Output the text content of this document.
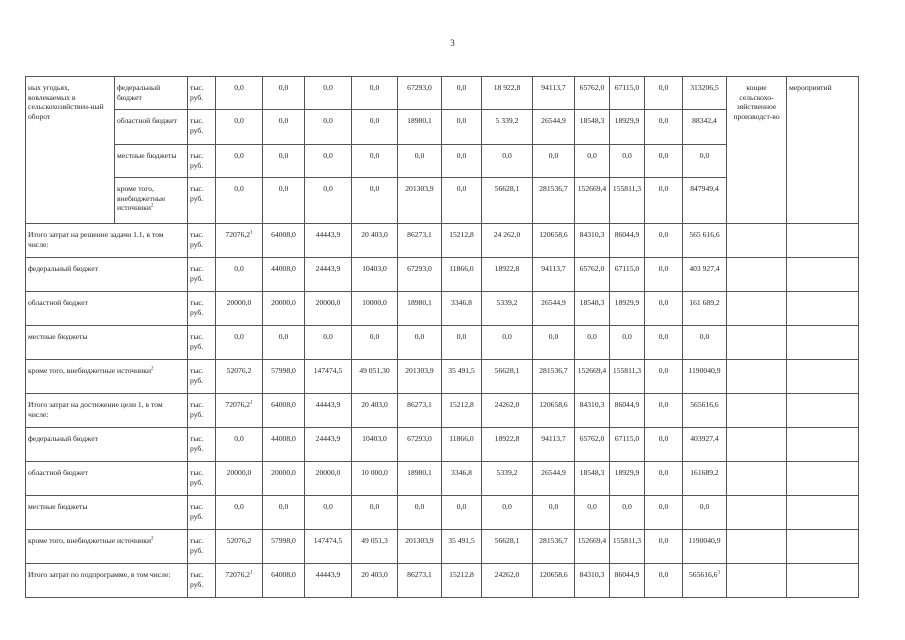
3
ных угодьях, вовлекаемых в сельскохозяйствен-ный оборот	федеральный бюджет	тыс. руб.	0,0	0,0	0,0	0,0	67293,0	0,0	18 922,8	94113,7	65762,0	67115,0	0,0	313206,5	кощие сельскохо-зяйственное производст-во	мероприятий
	областной бюджет	тыс. руб.	0,0	0,0	0,0	0,0	18980,1	0,0	5 339,2	26544,9	18548,3	18929,9	0,0	88342,4		
	местные бюджеты	тыс. руб.	0,0	0,0	0,0	0,0	0,0	0,0	0,0	0,0	0,0	0,0	0,0	0,0		
	кроме того, внебюджетные источники$^2$	тыс. руб.	0,0	0,0	0,0	0,0	201303,9	0,0	56628,1	281536,7	152669,4	155811,3	0,0	847949,4		
Итого затрат на решение задачи 1.1, в том числе:		тыс. руб.	72076,2$^1$	64008,0	44443,9	20 403,0	86273,1	15212,8	24 262,0	120658,6	84310,3	86044,9	0,0	565 616,6		
федеральный бюджет		тыс. руб.	0,0	44008,0	24443,9	10403,0	67293,0	11866,0	18922,8	94113,7	65762,0	67115,0	0,0	403 927,4		
областной бюджет		тыс. руб.	20000,0	20000,0	20000,0	10000,0	18980,1	3346,8	5339,2	26544,9	18548,3	18929,9	0,0	161 689,2		
местные бюджеты		тыс. руб.	0,0	0,0	0,0	0,0	0,0	0,0	0,0	0,0	0,0	0,0	0,0	0,0		
кроме того, внебюджетные источники$^2$		тыс. руб.	52076,2	57998,0	147474,5	49 051,30	201303,9	35 491,5	56628,1	281536,7	152669,4	155811,3	0,0	1190040,9		
Итого затрат на достижение цели 1, в том числе:		тыс. руб.	72076,2$^1$	64008,0	44443,9	20 403,0	86273,1	15212,8	24262,0	120658,6	84310,3	86044,9	0,0	565616,6		
федеральный бюджет		тыс. руб.	0,0	44008,0	24443,9	10403,0	67293,0	11866,0	18922,8	94113,7	65762,0	67115,0	0,0	403927,4		
областной бюджет		тыс. руб.	20000,0	20000,0	20000,0	10 000,0	18980,1	3346,8	5339,2	26544,9	18548,3	18929,9	0,0	161689,2		
местные бюджеты		тыс. руб.	0,0	0,0	0,0	0,0	0,0	0,0	0,0	0,0	0,0	0,0	0,0	0,0		
кроме того, внебюджетные источники$^2$		тыс. руб.	52076,2	57998,0	147474,5	49 051,3	201303,9	35 491,5	56628,1	281536,7	152669,4	155811,3	0,0	1190040,9		
Итого затрат по подпрограмме, в том числе:		тыс. руб.	72076,2$^1$	64008,0	44443,9	20 403,0	86273,1	15212,8	24262,0	120658,6	84310,3	86044,9	0,0	565616,6$^3$		
